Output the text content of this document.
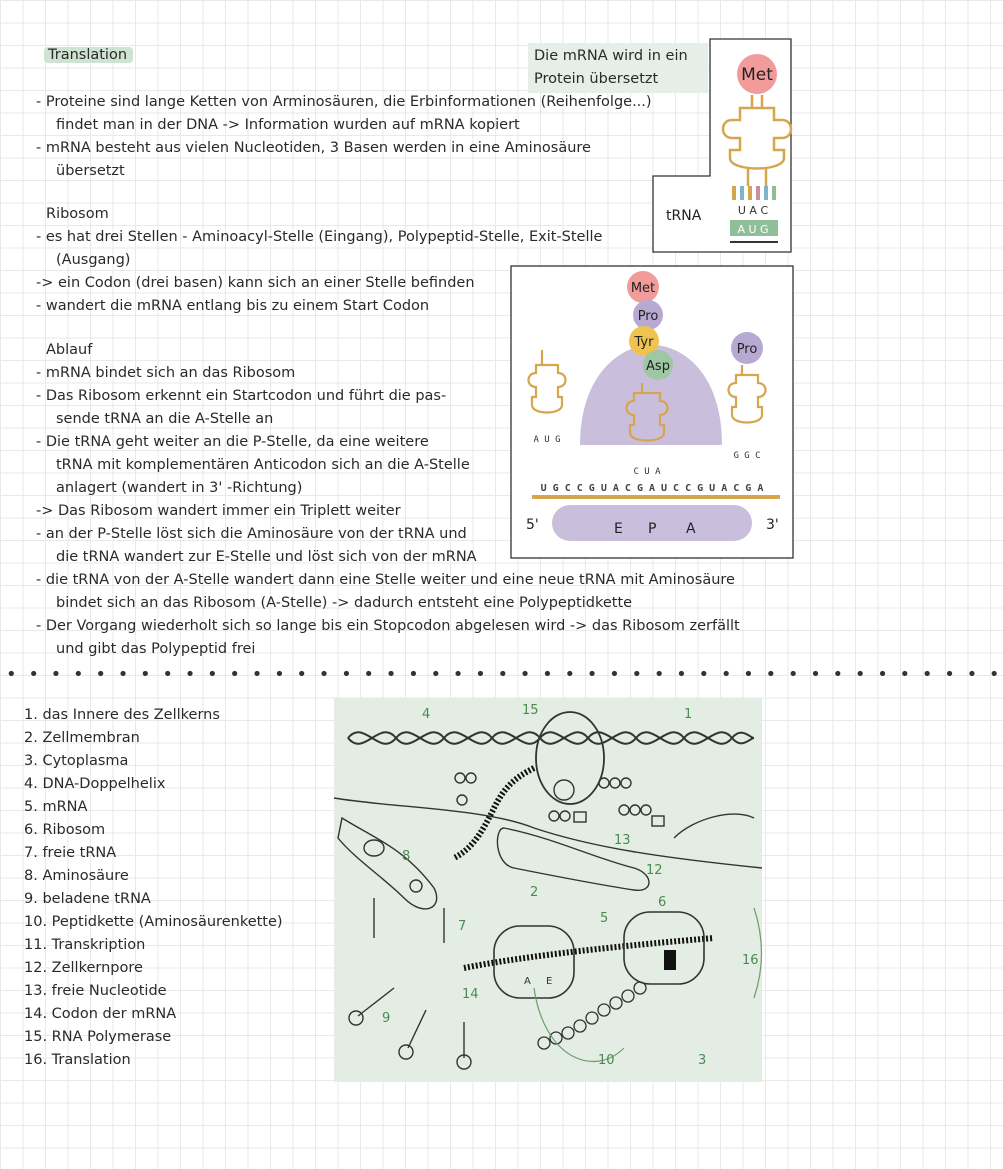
Translation	Die mRNA wird in ein
Protein übersetzt
- Proteine sind lange Ketten von Arminosäuren, die Erbinformationen (Reihenfolge...)
findet man in der DNA -> Information wurden auf mRNA kopiert
- mRNA besteht aus vielen Nucleotiden, 3 Basen werden in eine Aminosäure
übersetzt
Ribosom
- es hat drei Stellen - Aminoacyl-Stelle (Eingang), Polypeptid-Stelle, Exit-Stelle
(Ausgang)
-> ein Codon (drei basen) kann sich an einer Stelle befinden
- wandert die mRNA entlang bis zu einem Start Codon
Ablauf
- mRNA bindet sich an das Ribosom
- Das Ribosom erkennt ein Startcodon und führt die pas-
sende tRNA an die A-Stelle an
- Die tRNA geht weiter an die P-Stelle, da eine weitere
tRNA mit komplementären Anticodon sich an die A-Stelle
anlagert (wandert in 3' -Richtung)
-> Das Ribosom wandert immer ein Triplett weiter
- an der P-Stelle löst sich die Aminosäure von der tRNA und
die tRNA wandert zur E-Stelle und löst sich von der mRNA
- die tRNA von der A-Stelle wandert dann eine Stelle weiter und eine neue tRNA mit Aminosäure
bindet sich an das Ribosom (A-Stelle) -> dadurch entsteht eine Polypeptidkette
- Der Vorgang wiederholt sich so lange bis ein Stopcodon abgelesen wird -> das Ribosom zerfällt
und gibt das Polypeptid frei
Met
U A C
A U G
tRNA
Met
Pro
Tyr
Asp
Pro
A U G
C U A
G G C
U G C C G U A C G A U C C G U A C G A
5'	3'
E P A
• • • • • • • • • • • • • • • • • • • • • • • • • • • • • • • • • • • • • • • • • • • • •
1. das Innere des Zellkerns
2. Zellmembran
3. Cytoplasma
4. DNA-Doppelhelix
5. mRNA
6. Ribosom
7. freie tRNA
8. Aminosäure
9. beladene tRNA
10. Peptidkette (Aminosäurenkette)
11. Transkription
12. Zellkernpore
13. freie Nucleotide
14. Codon der mRNA
15. RNA Polymerase
16. Translation
4	15	1
2
8
12
13
6
5
16
7
14
9
10	3
A E
